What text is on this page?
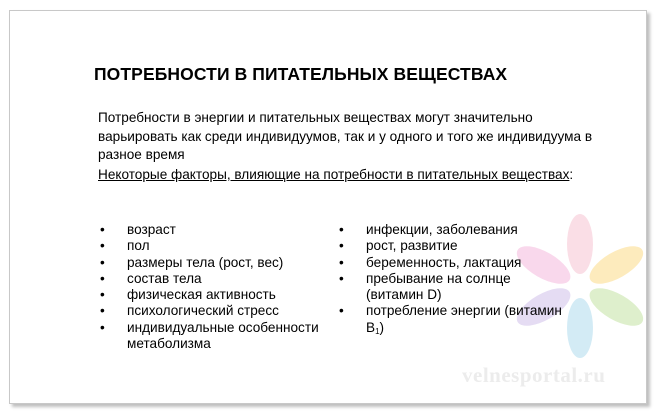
velnesportal.ru
ПОТРЕБНОСТИ В ПИТАТЕЛЬНЫХ ВЕЩЕСТВАХ

Потребности в энергии и питательных веществах могут значительно варьировать как среди индивидуумов, так и у одного и того же индивидуума в разное время

Некоторые факторы, влияющие на потребности в питательных веществах:

•	возраст
•	пол
•	размеры тела (рост, вес)
•	состав тела
•	физическая активность
•	психологический стресс
•	индивидуальные особенности метаболизма
•	инфекции, заболевания
•	рост, развитие
•	беременность, лактация
•	пребывание на солнце (витамин D)
•	потребление энергии (витамин $B_1$)
